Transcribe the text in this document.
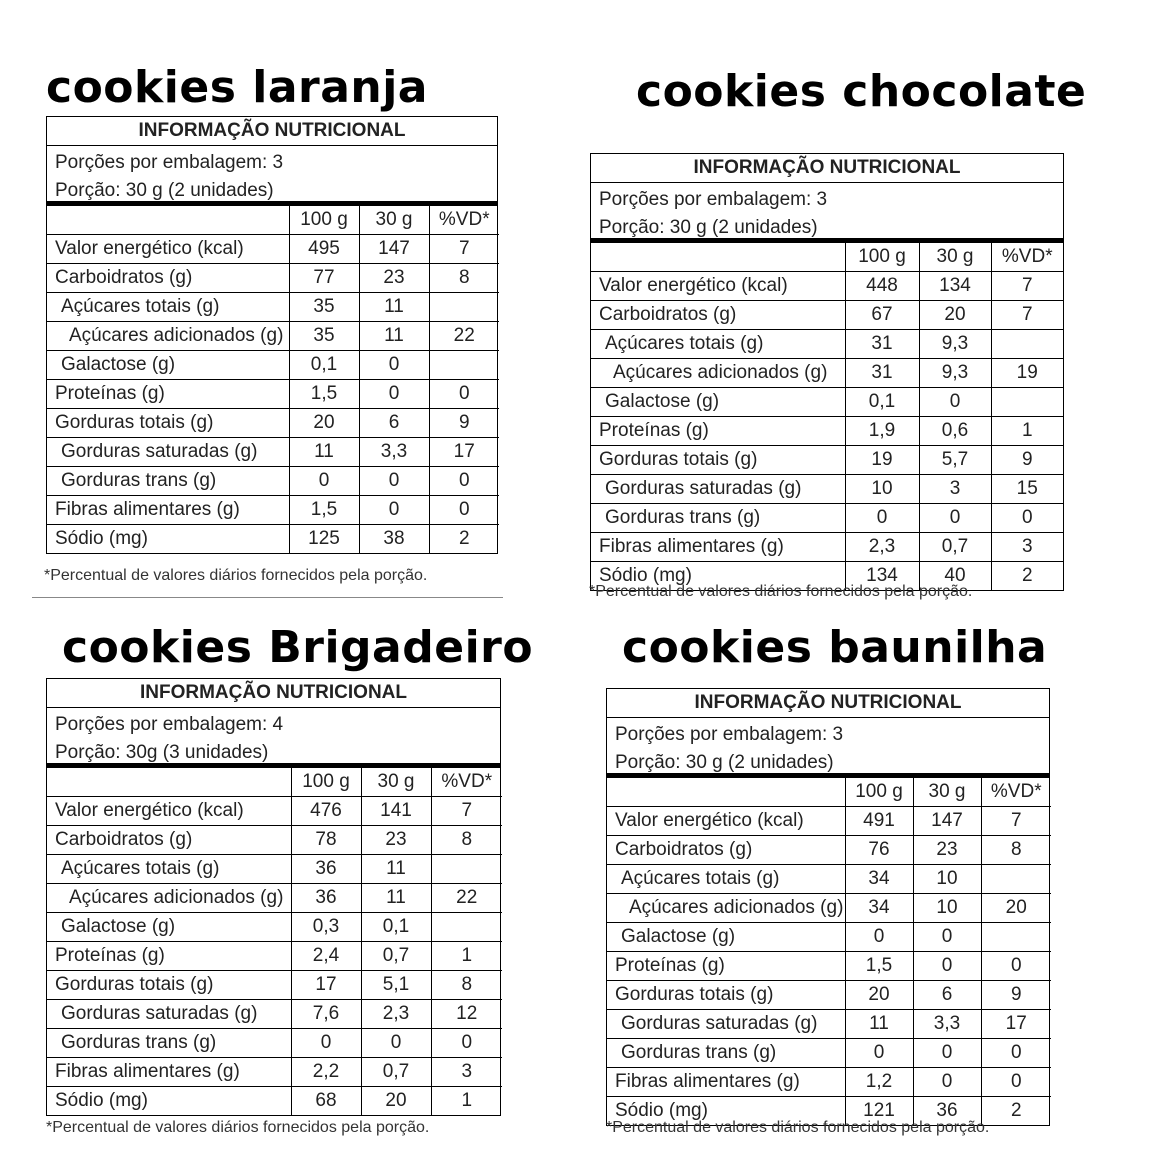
cookies laranja
INFORMAÇÃO NUTRICIONAL
Porções por embalagem: 3
Porção: 30 g (2 unidades)
	100 g	30 g	%VD*
Valor energético (kcal)	495	147	7
Carboidratos (g)	77	23	8
Açúcares totais (g)	35	11	
Açúcares adicionados (g)	35	11	22
Galactose (g)	0,1	0	
Proteínas (g)	1,5	0	0
Gorduras totais (g)	20	6	9
Gorduras saturadas (g)	11	3,3	17
Gorduras trans (g)	0	0	0
Fibras alimentares (g)	1,5	0	0
Sódio (mg)	125	38	2
*Percentual de valores diários fornecidos pela porção.
cookies chocolate
INFORMAÇÃO NUTRICIONAL
Porções por embalagem: 3
Porção: 30 g (2 unidades)
	100 g	30 g	%VD*
Valor energético (kcal)	448	134	7
Carboidratos (g)	67	20	7
Açúcares totais (g)	31	9,3	
Açúcares adicionados (g)	31	9,3	19
Galactose (g)	0,1	0	
Proteínas (g)	1,9	0,6	1
Gorduras totais (g)	19	5,7	9
Gorduras saturadas (g)	10	3	15
Gorduras trans (g)	0	0	0
Fibras alimentares (g)	2,3	0,7	3
Sódio (mg)	134	40	2
*Percentual de valores diários fornecidos pela porção.
cookies Brigadeiro
INFORMAÇÃO NUTRICIONAL
Porções por embalagem: 4
Porção: 30g (3 unidades)
	100 g	30 g	%VD*
Valor energético (kcal)	476	141	7
Carboidratos (g)	78	23	8
Açúcares totais (g)	36	11	
Açúcares adicionados (g)	36	11	22
Galactose (g)	0,3	0,1	
Proteínas (g)	2,4	0,7	1
Gorduras totais (g)	17	5,1	8
Gorduras saturadas (g)	7,6	2,3	12
Gorduras trans (g)	0	0	0
Fibras alimentares (g)	2,2	0,7	3
Sódio (mg)	68	20	1
*Percentual de valores diários fornecidos pela porção.
cookies baunilha
INFORMAÇÃO NUTRICIONAL
Porções por embalagem: 3
Porção: 30 g (2 unidades)
	100 g	30 g	%VD*
Valor energético (kcal)	491	147	7
Carboidratos (g)	76	23	8
Açúcares totais (g)	34	10	
Açúcares adicionados (g)	34	10	20
Galactose (g)	0	0	
Proteínas (g)	1,5	0	0
Gorduras totais (g)	20	6	9
Gorduras saturadas (g)	11	3,3	17
Gorduras trans (g)	0	0	0
Fibras alimentares (g)	1,2	0	0
Sódio (mg)	121	36	2
*Percentual de valores diários fornecidos pela porção.
